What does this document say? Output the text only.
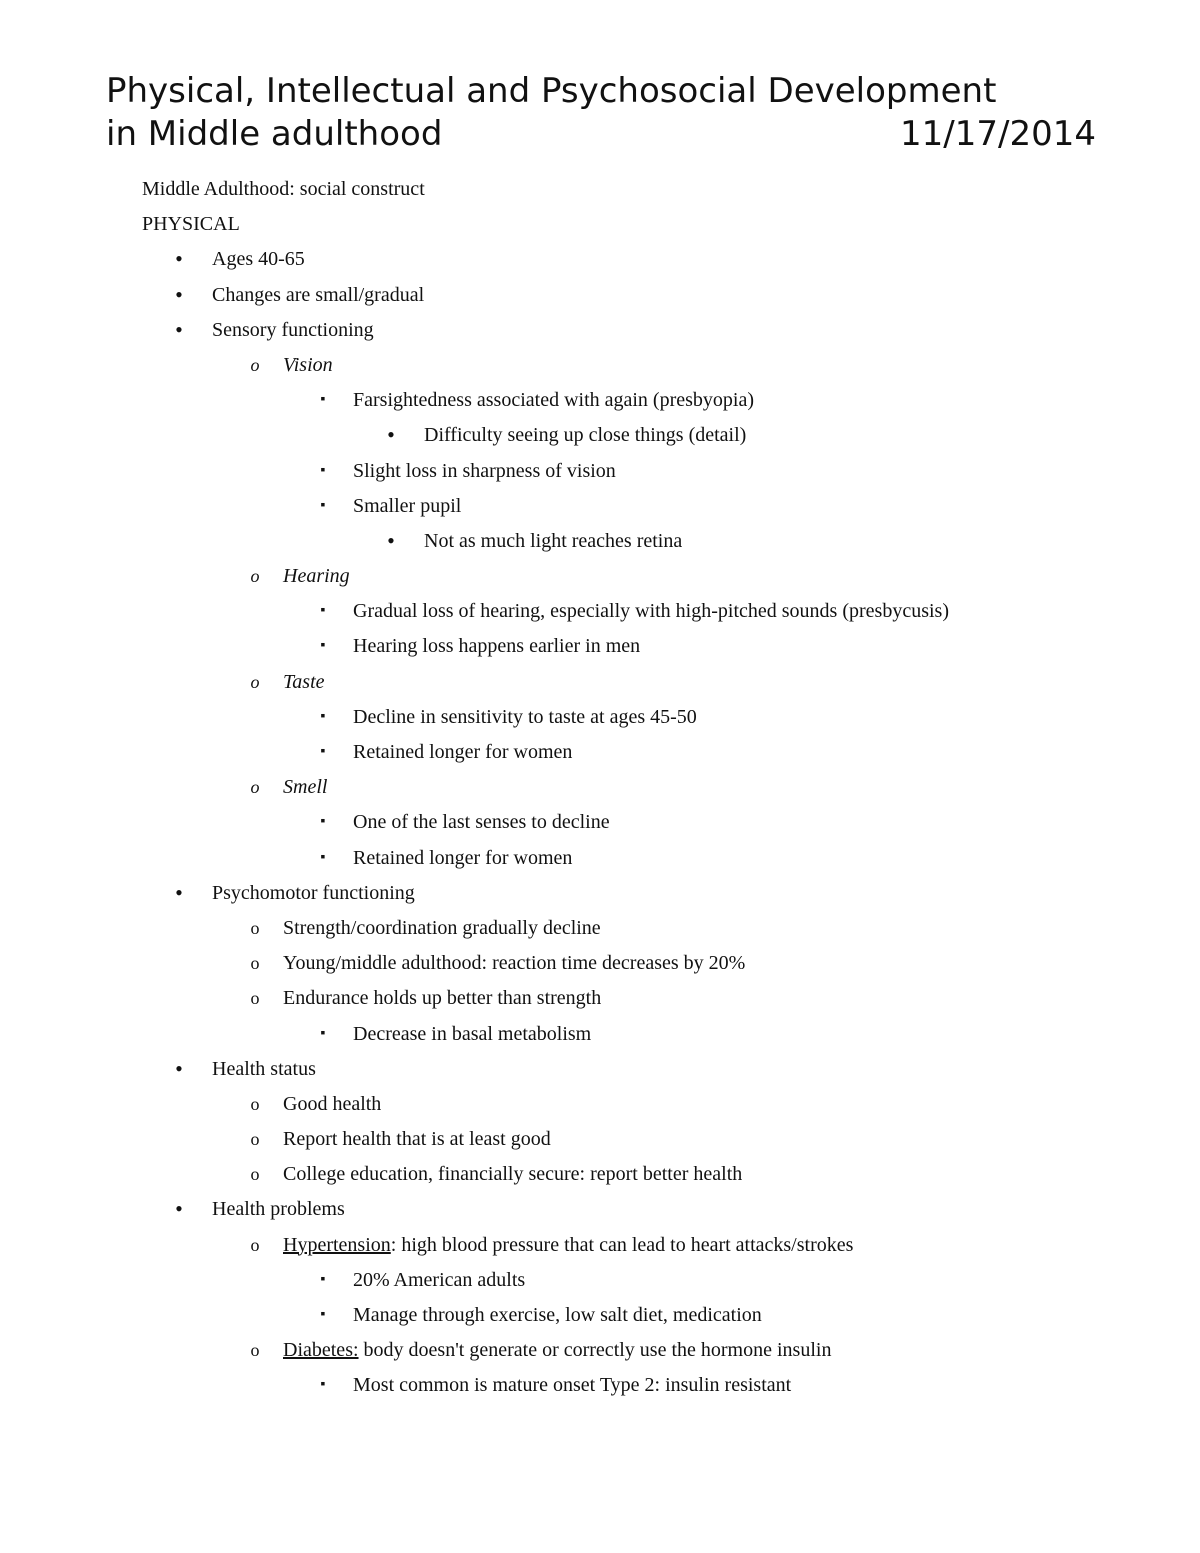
Physical, Intellectual and Psychosocial Development
in Middle adulthood	11/17/2014
Middle Adulthood: social construct
PHYSICAL
• Ages 40-65
• Changes are small/gradual
• Sensory functioning
o Vision
▪ Farsightedness associated with again (presbyopia)
• Difficulty seeing up close things (detail)
▪ Slight loss in sharpness of vision
▪ Smaller pupil
• Not as much light reaches retina
o Hearing
▪ Gradual loss of hearing, especially with high-pitched sounds (presbycusis)
▪ Hearing loss happens earlier in men
o Taste
▪ Decline in sensitivity to taste at ages 45-50
▪ Retained longer for women
o Smell
▪ One of the last senses to decline
▪ Retained longer for women
• Psychomotor functioning
o Strength/coordination gradually decline
o Young/middle adulthood: reaction time decreases by 20%
o Endurance holds up better than strength
▪ Decrease in basal metabolism
• Health status
o Good health
o Report health that is at least good
o College education, financially secure: report better health
• Health problems
o Hypertension: high blood pressure that can lead to heart attacks/strokes
▪ 20% American adults
▪ Manage through exercise, low salt diet, medication
o Diabetes: body doesn't generate or correctly use the hormone insulin
▪ Most common is mature onset Type 2: insulin resistant
